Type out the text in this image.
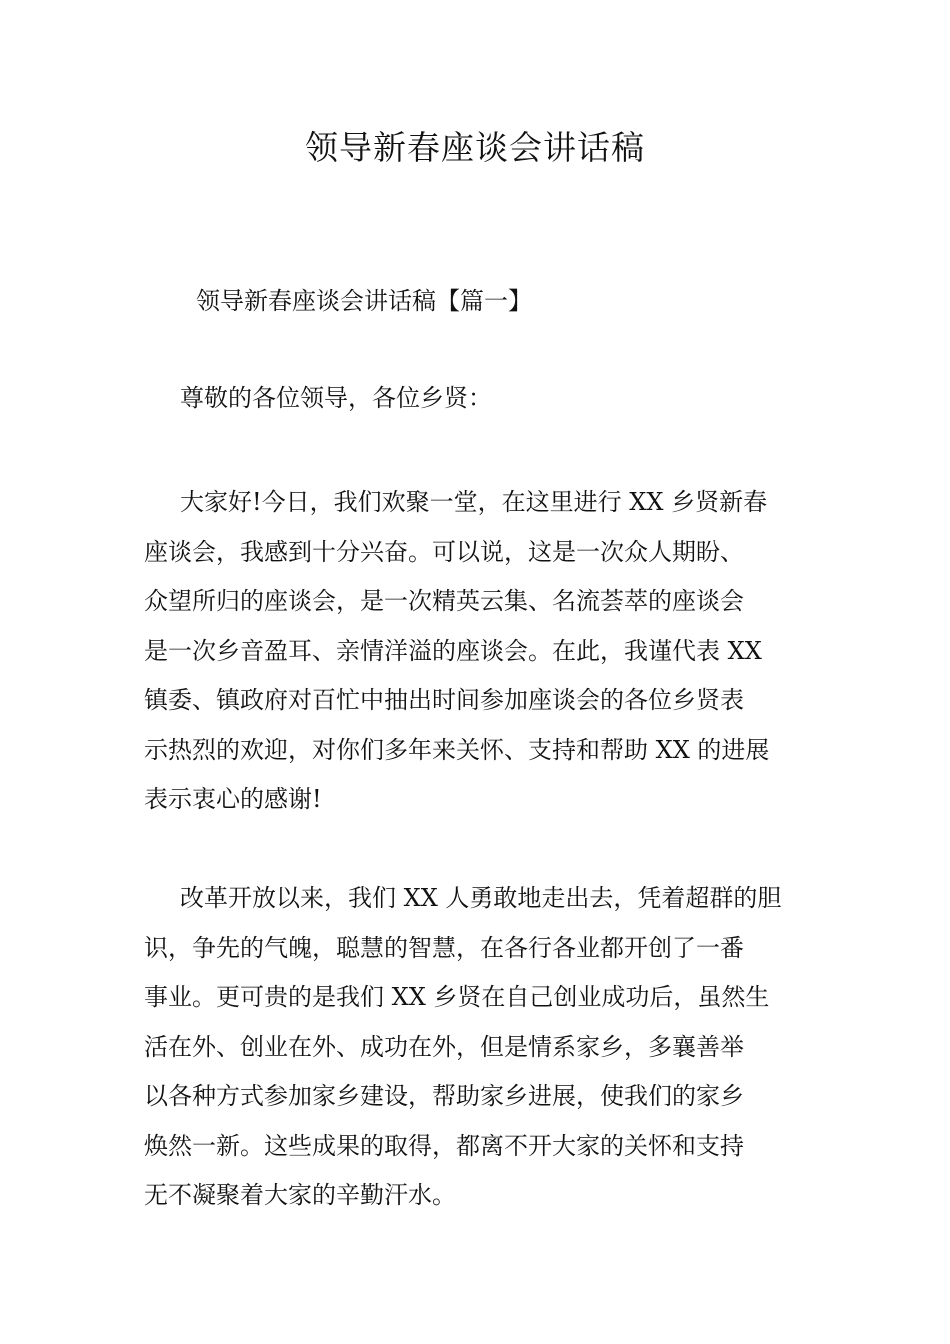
领导新春座谈会讲话稿
领导新春座谈会讲话稿【篇一】
尊敬的各位领导，各位乡贤：
大家好!今日，我们欢聚一堂，在这里进行 XX 乡贤新春
座谈会，我感到十分兴奋。可以说，这是一次众人期盼、
众望所归的座谈会，是一次精英云集、名流荟萃的座谈会
是一次乡音盈耳、亲情洋溢的座谈会。在此，我谨代表 XX
镇委、镇政府对百忙中抽出时间参加座谈会的各位乡贤表
示热烈的欢迎，对你们多年来关怀、支持和帮助 XX 的进展
表示衷心的感谢!
改革开放以来，我们 XX 人勇敢地走出去，凭着超群的胆
识，争先的气魄，聪慧的智慧，在各行各业都开创了一番
事业。更可贵的是我们 XX 乡贤在自己创业成功后，虽然生
活在外、创业在外、成功在外，但是情系家乡，多襄善举
以各种方式参加家乡建设，帮助家乡进展，使我们的家乡
焕然一新。这些成果的取得，都离不开大家的关怀和支持
无不凝聚着大家的辛勤汗水。
